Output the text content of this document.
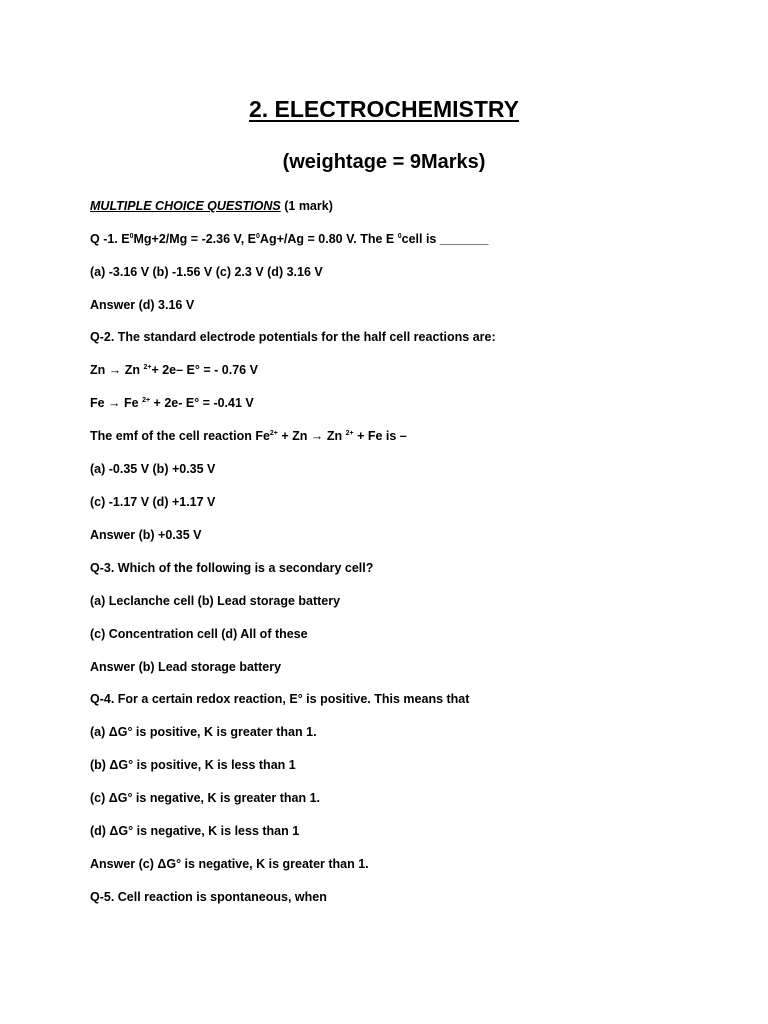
2. ELECTROCHEMISTRY
(weightage = 9Marks)
MULTIPLE CHOICE QUESTIONS (1 mark)
Q -1. $E^0Mg+2/Mg = -2.36$ V, $E^0Ag+/Ag = 0.80$ V. The E $^0$cell is _______
(a) -3.16 V (b) -1.56 V (c) 2.3 V (d) 3.16 V
Answer (d) 3.16 V
Q-2. The standard electrode potentials for the half cell reactions are:
Zn → Zn $^{2+}$+ 2e– E° = - 0.76 V
Fe → Fe $^{2+}$ + 2e- E° = -0.41 V
The emf of the cell reaction $Fe^{2+} + Zn \to Zn$ $^{2+}$ + Fe is –
(a) -0.35 V (b) +0.35 V
(c) -1.17 V (d) +1.17 V
Answer (b) +0.35 V
Q-3. Which of the following is a secondary cell?
(a) Leclanche cell (b) Lead storage battery
(c) Concentration cell (d) All of these
Answer (b) Lead storage battery
Q-4. For a certain redox reaction, E° is positive. This means that
(a) ΔG° is positive, K is greater than 1.
(b) ΔG° is positive, K is less than 1
(c) ΔG° is negative, K is greater than 1.
(d) ΔG° is negative, K is less than 1
Answer (c) ΔG° is negative, K is greater than 1.
Q-5. Cell reaction is spontaneous, when
